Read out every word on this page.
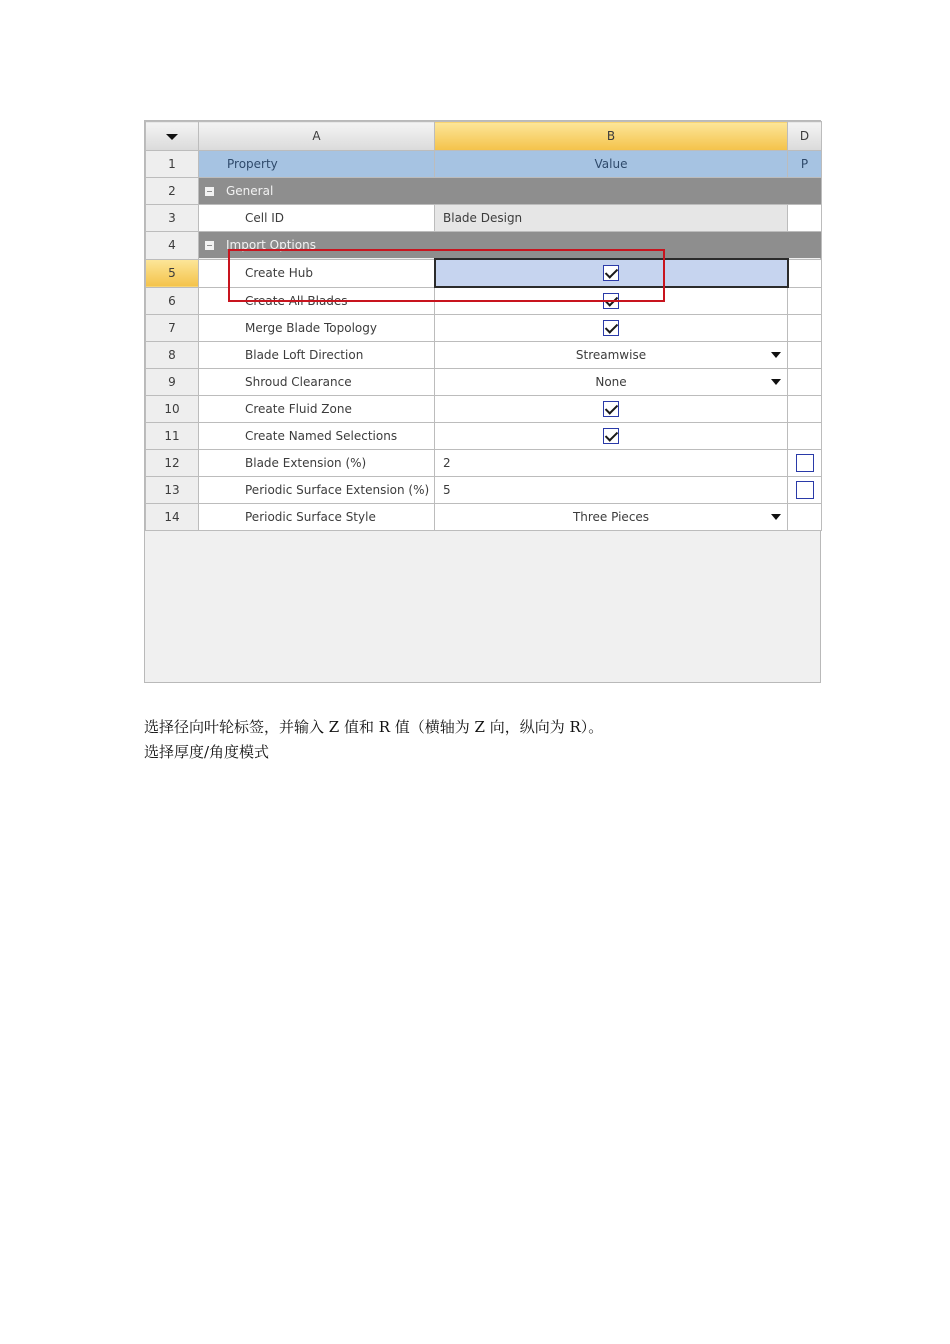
	A	B	D
1	Property	Value	P
2	General		
3	Cell ID	Blade Design	
4	Import Options		
5	Create Hub		
6	Create All Blades		
7	Merge Blade Topology		
8	Blade Loft Direction	Streamwise

9	Shroud Clearance	None

10	Create Fluid Zone		
11	Create Named Selections		
12	Blade Extension (%)	2	
13	Periodic Surface Extension (%)	5	
14	Periodic Surface Style	Three Pieces

选择径向叶轮标签，并输入 Z 值和 R 值（横轴为 Z 向，纵向为 R）。
选择厚度/角度模式
